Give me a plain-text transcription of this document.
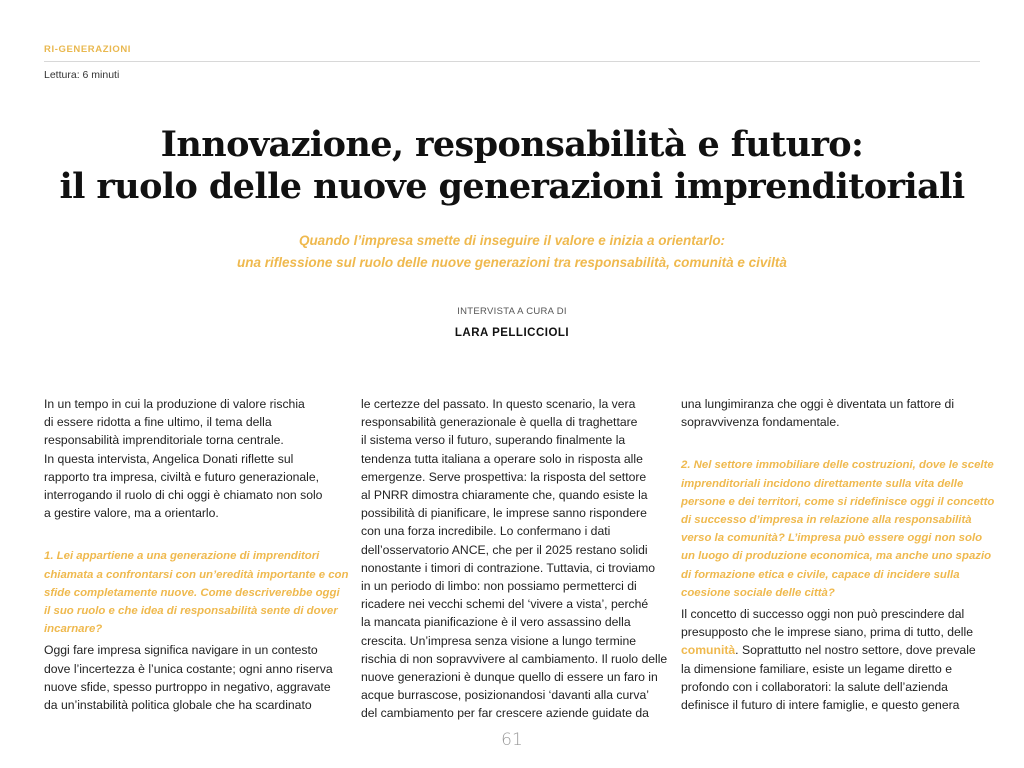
RI-GENERAZIONI
Lettura: 6 minuti
Innovazione, responsabilità e futuro:
il ruolo delle nuove generazioni imprenditoriali
Quando l’impresa smette di inseguire il valore e inizia a orientarlo:
una riflessione sul ruolo delle nuove generazioni tra responsabilità, comunità e civiltà
INTERVISTA A CURA DI
LARA PELLICCIOLI

In un tempo in cui la produzione di valore rischia
di essere ridotta a fine ultimo, il tema della
responsabilità imprenditoriale torna centrale.
In questa intervista, Angelica Donati riflette sul
rapporto tra impresa, civiltà e futuro generazionale,
interrogando il ruolo di chi oggi è chiamato non solo
a gestire valore, ma a orientarlo.

1. Lei appartiene a una generazione di imprenditori
chiamata a confrontarsi con un’eredità importante e con
sfide completamente nuove. Come descriverebbe oggi
il suo ruolo e che idea di responsabilità sente di dover
incarnare?

Oggi fare impresa significa navigare in un contesto
dove l’incertezza è l’unica costante; ogni anno riserva
nuove sfide, spesso purtroppo in negativo, aggravate
da un’instabilità politica globale che ha scardinato

le certezze del passato. In questo scenario, la vera
responsabilità generazionale è quella di traghettare
il sistema verso il futuro, superando finalmente la
tendenza tutta italiana a operare solo in risposta alle
emergenze. Serve prospettiva: la risposta del settore
al PNRR dimostra chiaramente che, quando esiste la
possibilità di pianificare, le imprese sanno rispondere
con una forza incredibile. Lo confermano i dati
dell’osservatorio ANCE, che per il 2025 restano solidi
nonostante i timori di contrazione. Tuttavia, ci troviamo
in un periodo di limbo: non possiamo permetterci di
ricadere nei vecchi schemi del ‘vivere a vista’, perché
la mancata pianificazione è il vero assassino della
crescita. Un’impresa senza visione a lungo termine
rischia di non sopravvivere al cambiamento. Il ruolo delle
nuove generazioni è dunque quello di essere un faro in
acque burrascose, posizionandosi ‘davanti alla curva’
del cambiamento per far crescere aziende guidate da

una lungimiranza che oggi è diventata un fattore di
sopravvivenza fondamentale.

2. Nel settore immobiliare delle costruzioni, dove le scelte
imprenditoriali incidono direttamente sulla vita delle
persone e dei territori, come si ridefinisce oggi il concetto
di successo d’impresa in relazione alla responsabilità
verso la comunità? L’impresa può essere oggi non solo
un luogo di produzione economica, ma anche uno spazio
di formazione etica e civile, capace di incidere sulla
coesione sociale delle città?

Il concetto di successo oggi non può prescindere dal
presupposto che le imprese siano, prima di tutto, delle
comunità. Soprattutto nel nostro settore, dove prevale
la dimensione familiare, esiste un legame diretto e
profondo con i collaboratori: la salute dell’azienda
definisce il futuro di intere famiglie, e questo genera

61
